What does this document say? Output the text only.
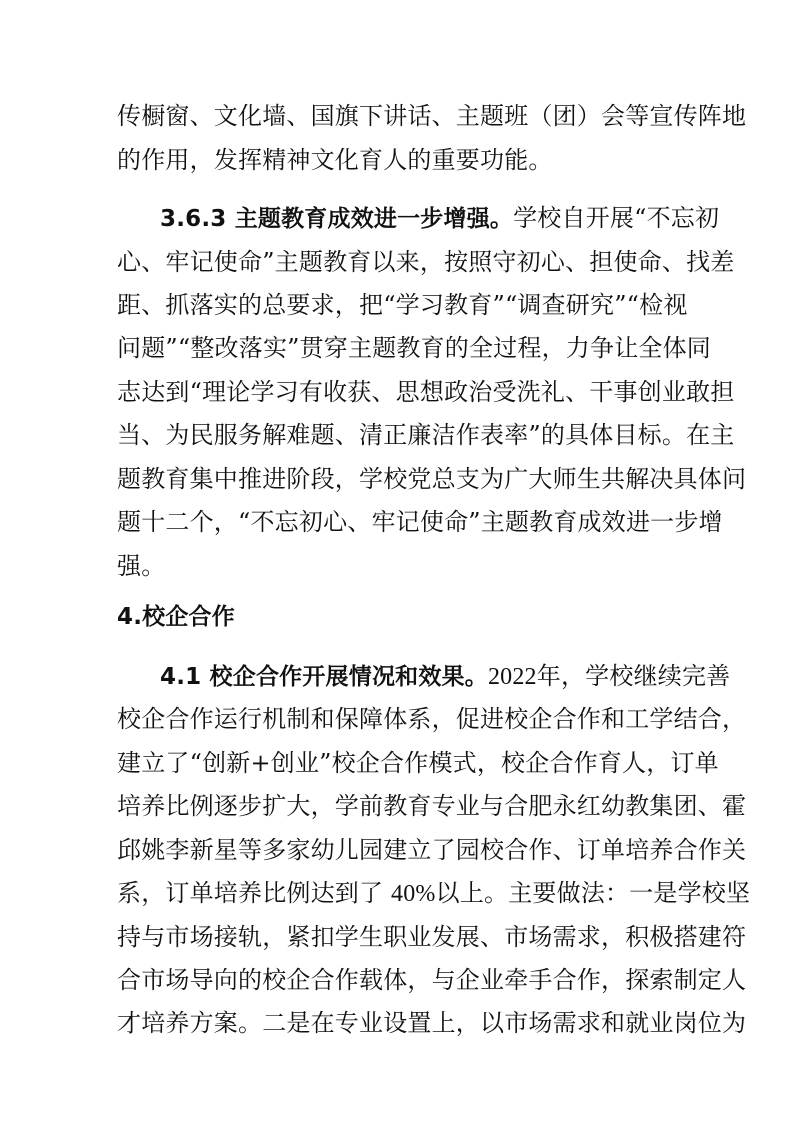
传橱窗、文化墙、国旗下讲话、主题班（团）会等宣传阵地
的作用，发挥精神文化育人的重要功能。
3.6.3 主题教育成效进一步增强。学校自开展“不忘初
心、牢记使命”主题教育以来，按照守初心、担使命、找差
距、抓落实的总要求，把“学习教育”“调查研究”“检视
问题”“整改落实”贯穿主题教育的全过程，力争让全体同
志达到“理论学习有收获、思想政治受洗礼、干事创业敢担
当、为民服务解难题、清正廉洁作表率”的具体目标。在主
题教育集中推进阶段，学校党总支为广大师生共解决具体问
题十二个，“不忘初心、牢记使命”主题教育成效进一步增
强。
4.校企合作
4.1 校企合作开展情况和效果。2022年，学校继续完善
校企合作运行机制和保障体系，促进校企合作和工学结合，
建立了“创新+创业”校企合作模式，校企合作育人，订单
培养比例逐步扩大，学前教育专业与合肥永红幼教集团、霍
邱姚李新星等多家幼儿园建立了园校合作、订单培养合作关
系，订单培养比例达到了 40%以上。主要做法：一是学校坚
持与市场接轨，紧扣学生职业发展、市场需求，积极搭建符
合市场导向的校企合作载体，与企业牵手合作，探索制定人
才培养方案。二是在专业设置上，以市场需求和就业岗位为
